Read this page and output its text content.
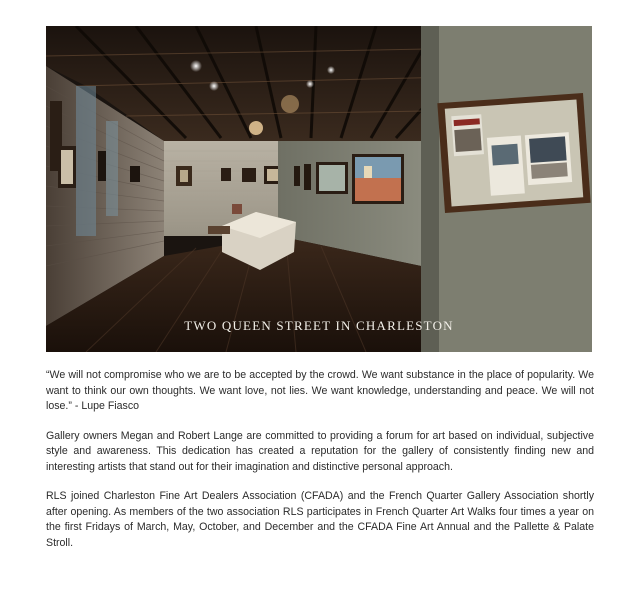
TWO QUEEN STREET IN CHARLESTON

“We will not compromise who we are to be accepted by the crowd. We want substance in the place of popularity. We want to think our own thoughts. We want love, not lies. We want knowledge, understanding and peace. We will not lose.” - Lupe Fiasco

Gallery owners Megan and Robert Lange are committed to providing a forum for art based on individual, subjective style and awareness. This dedication has created a reputation for the gallery of consistently finding new and interesting artists that stand out for their imagination and distinctive personal approach.

RLS joined Charleston Fine Art Dealers Association (CFADA) and the French Quarter Gallery Association shortly after opening. As members of the two association RLS participates in French Quarter Art Walks four times a year on the first Fridays of March, May, October, and December and the CFADA Fine Art Annual and the Pallette & Palate Stroll.
